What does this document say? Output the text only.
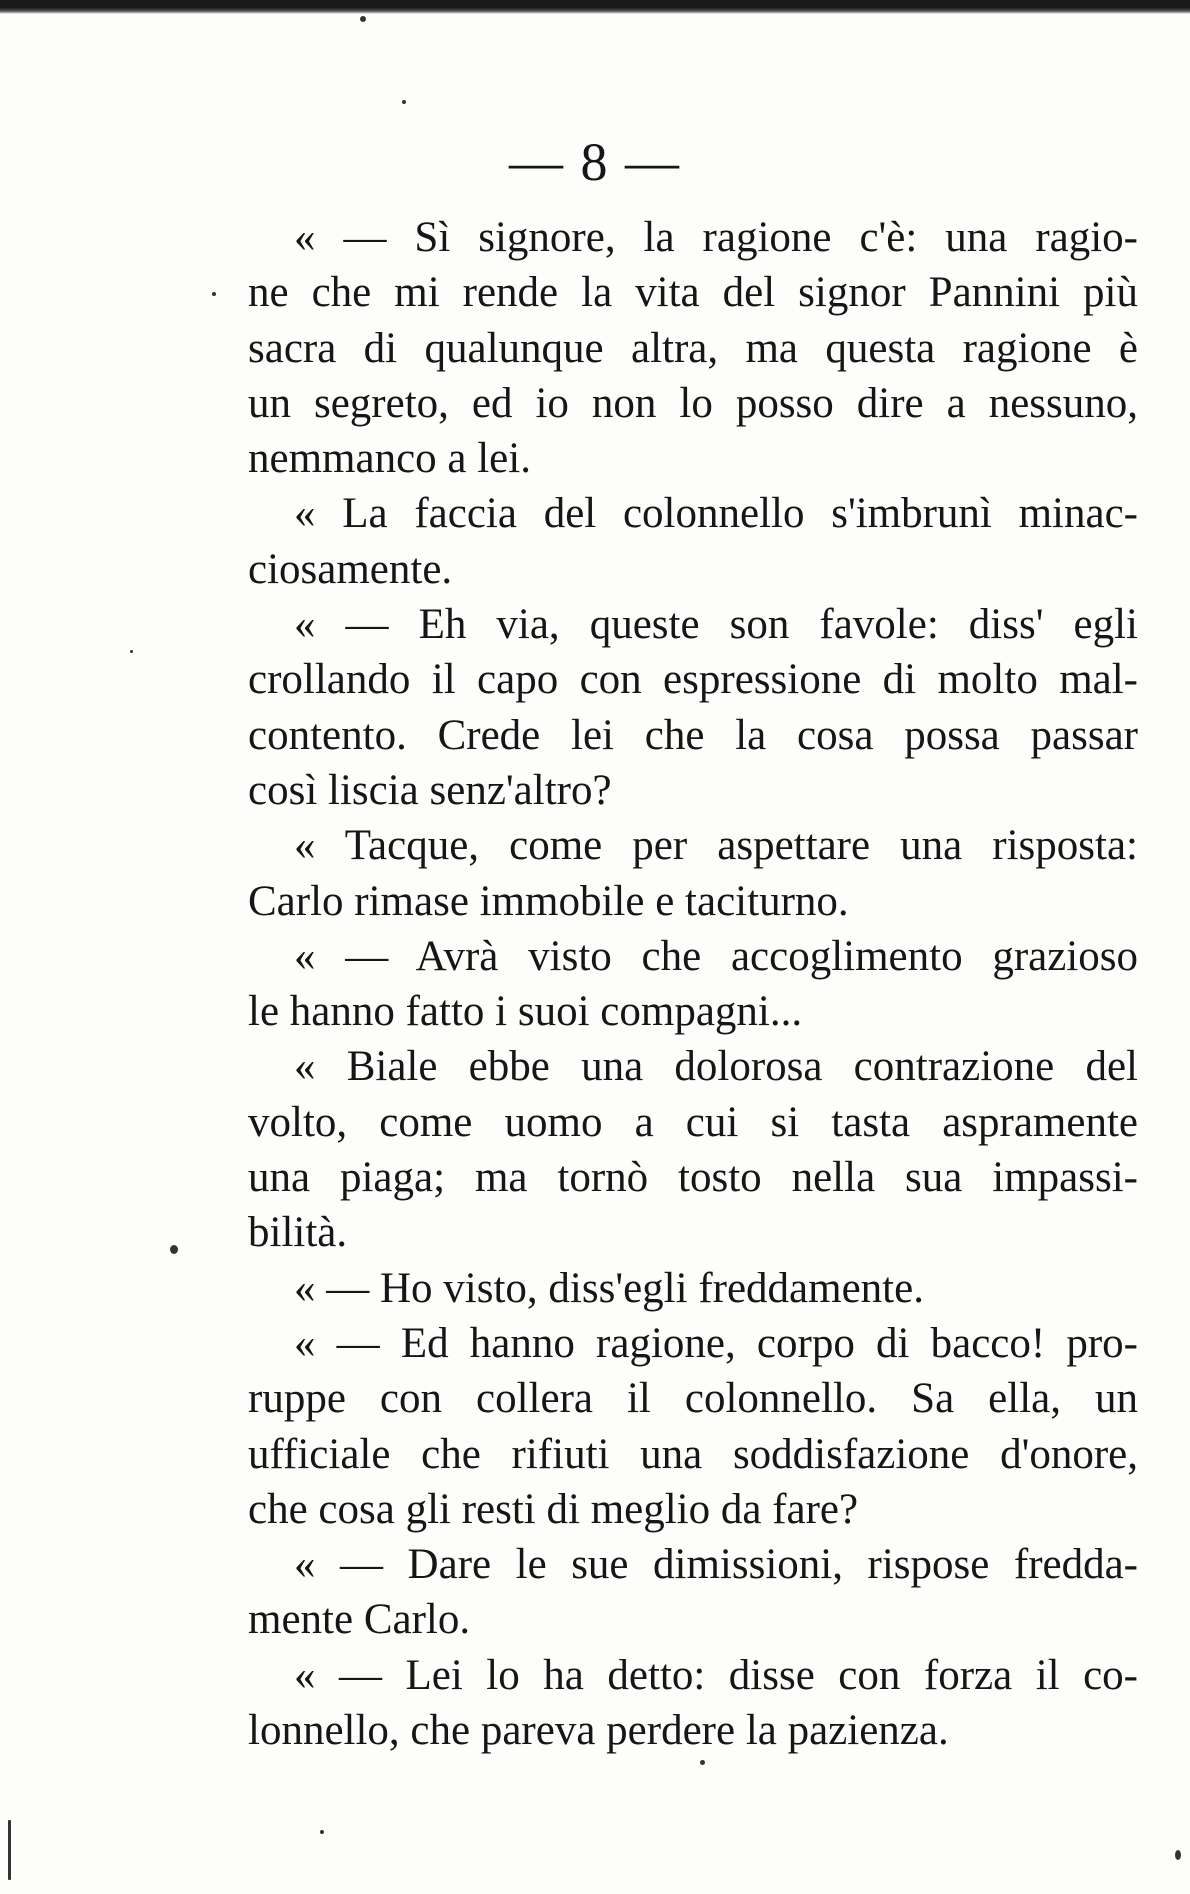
— 8 —
« — Sì signore, la ragione c'è: una ragio-
ne che mi rende la vita del signor Pannini più
sacra di qualunque altra, ma questa ragione è
un segreto, ed io non lo posso dire a nessuno,
nemmanco a lei.
« La faccia del colonnello s'imbrunì minac-
ciosamente.
« — Eh via, queste son favole: diss' egli
crollando il capo con espressione di molto mal-
contento. Crede lei che la cosa possa passar
così liscia senz'altro?
« Tacque, come per aspettare una risposta:
Carlo rimase immobile e taciturno.
« — Avrà visto che accoglimento grazioso
le hanno fatto i suoi compagni...
« Biale ebbe una dolorosa contrazione del
volto, come uomo a cui si tasta aspramente
una piaga; ma tornò tosto nella sua impassi-
bilità.
« — Ho visto, diss'egli freddamente.
« — Ed hanno ragione, corpo di bacco! pro-
ruppe con collera il colonnello. Sa ella, un
ufficiale che rifiuti una soddisfazione d'onore,
che cosa gli resti di meglio da fare?
« — Dare le sue dimissioni, rispose fredda-
mente Carlo.
« — Lei lo ha detto: disse con forza il co-
lonnello, che pareva perdere la pazienza.
